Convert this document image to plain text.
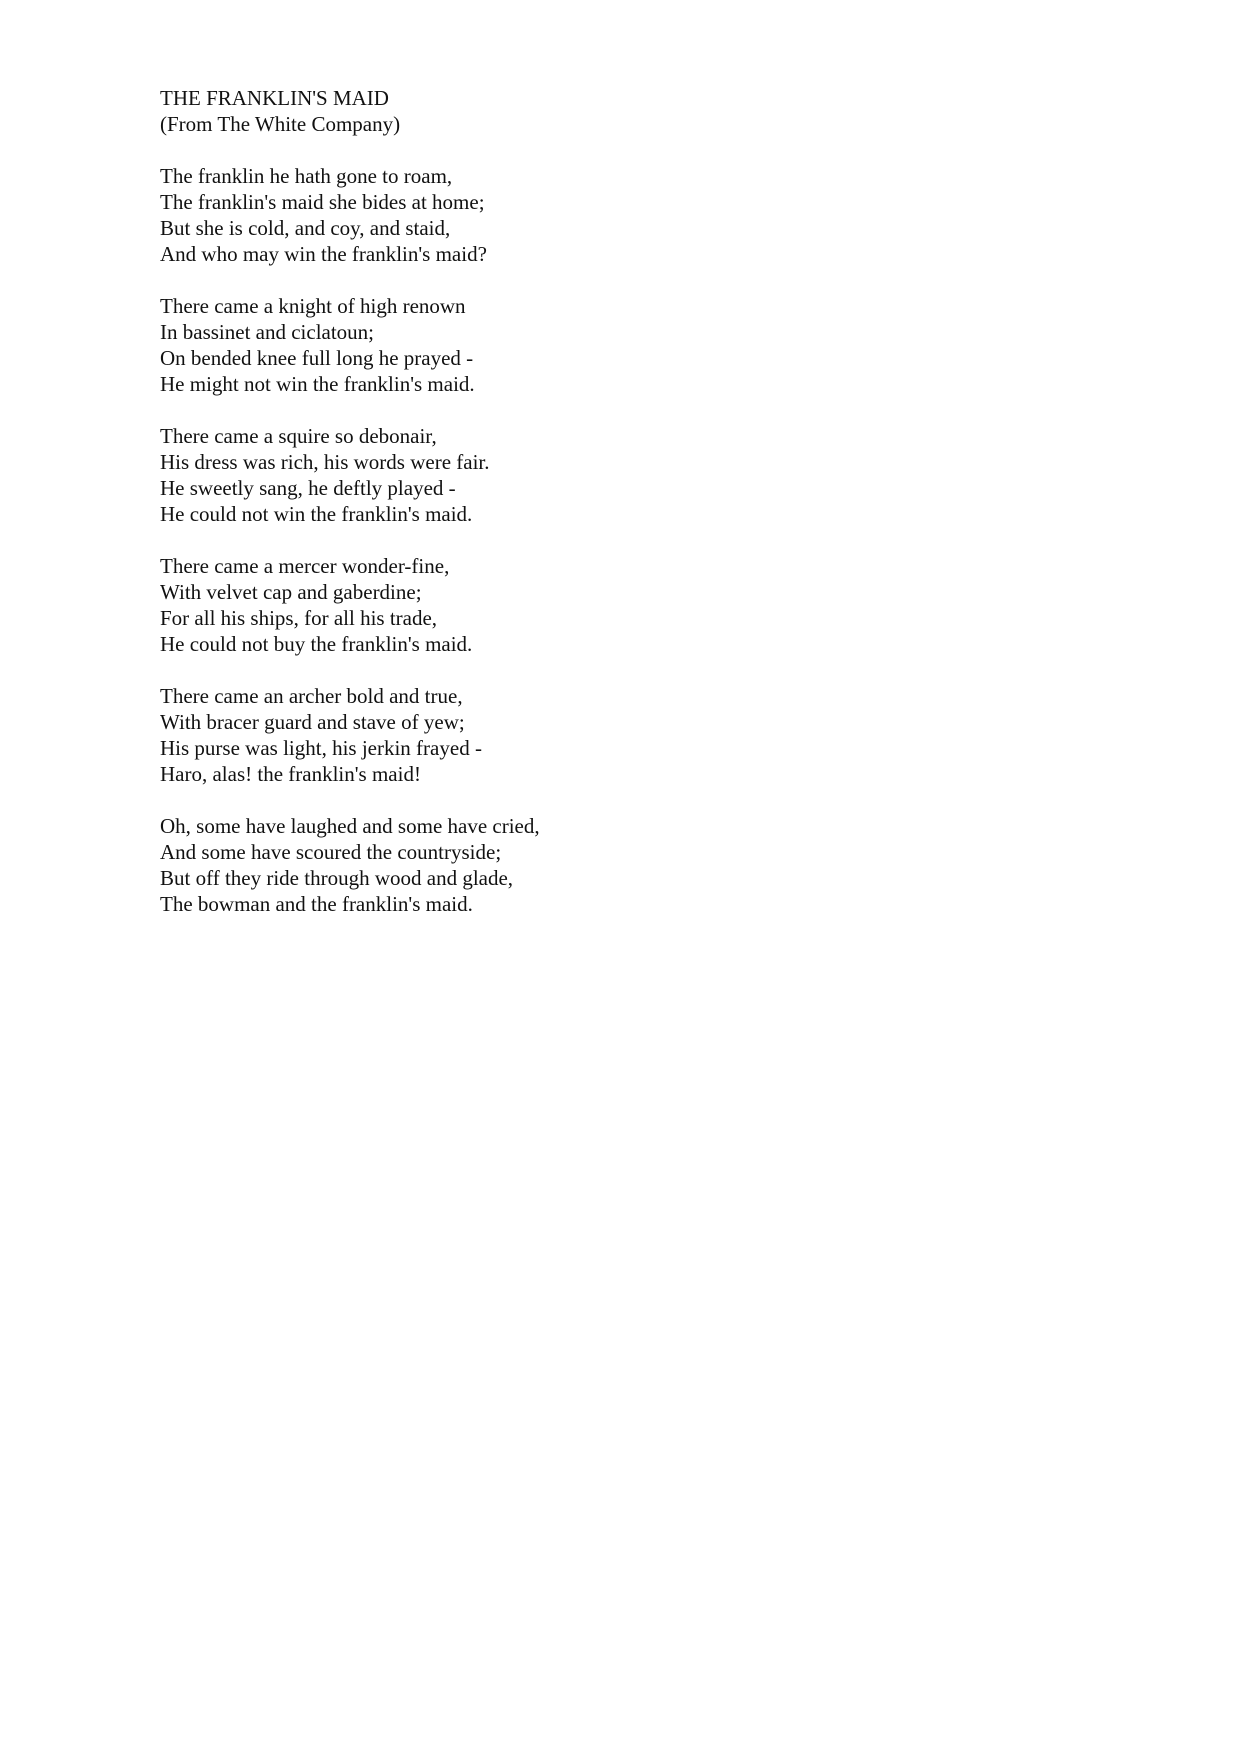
THE FRANKLIN'S MAID
(From The White Company)
The franklin he hath gone to roam,
The franklin's maid she bides at home;
But she is cold, and coy, and staid,
And who may win the franklin's maid?
There came a knight of high renown
In bassinet and ciclatoun;
On bended knee full long he prayed -
He might not win the franklin's maid.
There came a squire so debonair,
His dress was rich, his words were fair.
He sweetly sang, he deftly played -
He could not win the franklin's maid.
There came a mercer wonder-fine,
With velvet cap and gaberdine;
For all his ships, for all his trade,
He could not buy the franklin's maid.
There came an archer bold and true,
With bracer guard and stave of yew;
His purse was light, his jerkin frayed -
Haro, alas! the franklin's maid!
Oh, some have laughed and some have cried,
And some have scoured the countryside;
But off they ride through wood and glade,
The bowman and the franklin's maid.
